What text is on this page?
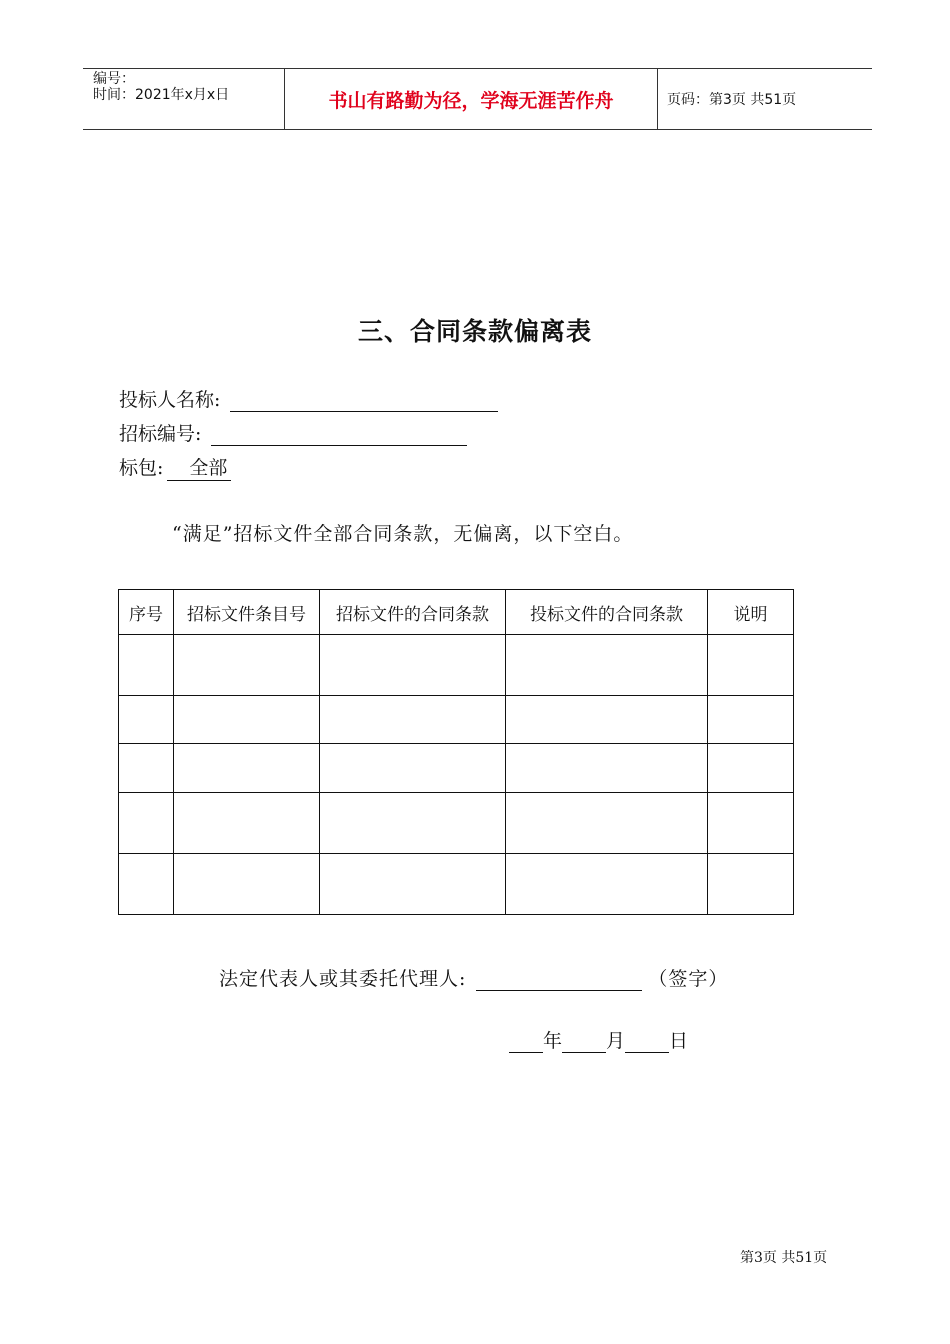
编号：
时间：2021年x月x日	书山有路勤为径，学海无涯苦作舟	页码：第3页 共51页
三、合同条款偏离表
投标人名称:
招标编号:
标包: 全部
“满足”招标文件全部合同条款，无偏离，以下空白。
序号	招标文件条目号	招标文件的合同条款	投标文件的合同条款	说明

法定代表人或其委托代理人:	（签字）
年 月 日
第3页 共51页
